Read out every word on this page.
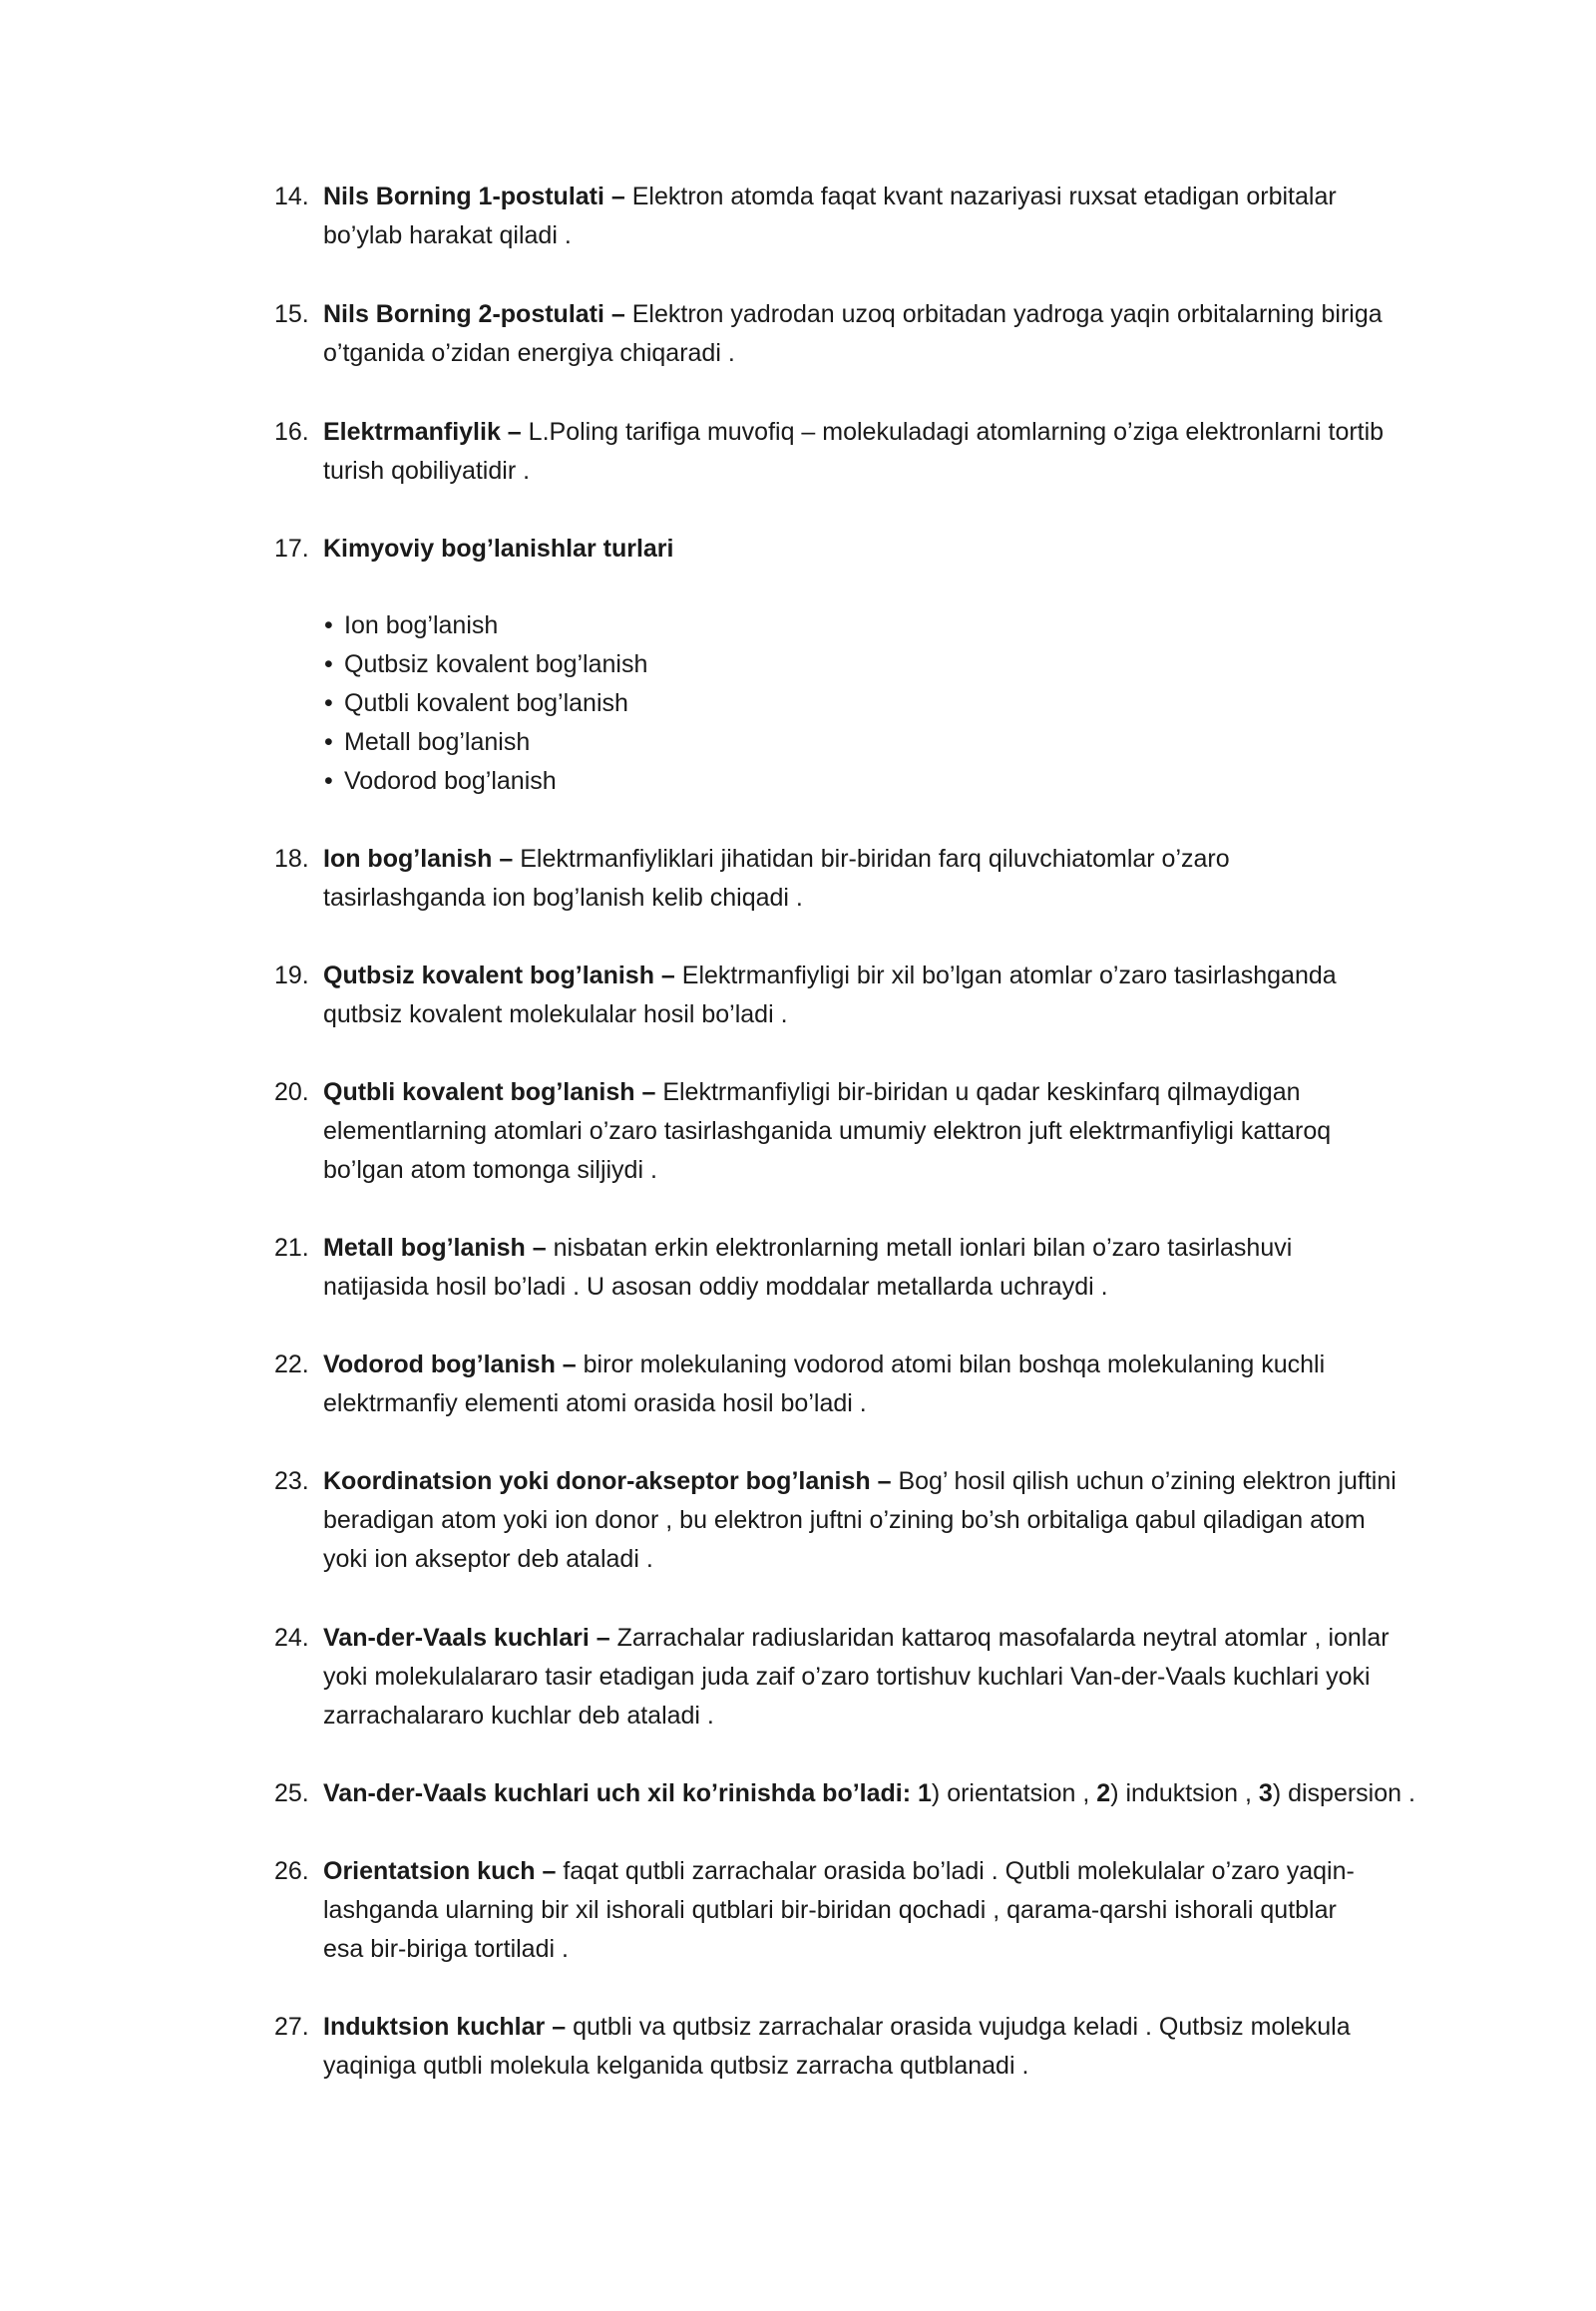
14. Nils Borning 1-postulati – Elektron atomda faqat kvant nazariyasi ruxsat etadigan orbitalar
bo’ylab harakat qiladi .
15. Nils Borning 2-postulati – Elektron yadrodan uzoq orbitadan yadroga yaqin orbitalarning biriga
o’tganida o’zidan energiya chiqaradi .
16. Elektrmanfiylik – L.Poling tarifiga muvofiq – molekuladagi atomlarning o’ziga elektronlarni tortib
turish qobiliyatidir .
17. Kimyoviy bog’lanishlar turlari
• Ion bog’lanish
• Qutbsiz kovalent bog’lanish
• Qutbli kovalent bog’lanish
• Metall bog’lanish
• Vodorod bog’lanish
18. Ion bog’lanish – Elektrmanfiyliklari jihatidan bir-biridan farq qiluvchiatomlar o’zaro
tasirlashganda ion bog’lanish kelib chiqadi .
19. Qutbsiz kovalent bog’lanish – Elektrmanfiyligi bir xil bo’lgan atomlar o’zaro tasirlashganda
qutbsiz kovalent molekulalar hosil bo’ladi .
20. Qutbli kovalent bog’lanish – Elektrmanfiyligi bir-biridan u qadar keskinfarq qilmaydigan
elementlarning atomlari o’zaro tasirlashganida umumiy elektron juft elektrmanfiyligi kattaroq
bo’lgan atom tomonga siljiydi .
21. Metall bog’lanish – nisbatan erkin elektronlarning metall ionlari bilan o’zaro tasirlashuvi
natijasida hosil bo’ladi . U asosan oddiy moddalar metallarda uchraydi .
22. Vodorod bog’lanish – biror molekulaning vodorod atomi bilan boshqa molekulaning kuchli
elektrmanfiy elementi atomi orasida hosil bo’ladi .
23. Koordinatsion yoki donor-akseptor bog’lanish – Bog’ hosil qilish uchun o’zining elektron juftini
beradigan atom yoki ion donor , bu elektron juftni o’zining bo’sh orbitaliga qabul qiladigan atom
yoki ion akseptor deb ataladi .
24. Van-der-Vaals kuchlari – Zarrachalar radiuslaridan kattaroq masofalarda neytral atomlar , ionlar
yoki molekulalararo tasir etadigan juda zaif o’zaro tortishuv kuchlari Van-der-Vaals kuchlari yoki
zarrachalararo kuchlar deb ataladi .
25. Van-der-Vaals kuchlari uch xil ko’rinishda bo’ladi: 1) orientatsion , 2) induktsion , 3) dispersion .
26. Orientatsion kuch – faqat qutbli zarrachalar orasida bo’ladi . Qutbli molekulalar o’zaro yaqin-
lashganda ularning bir xil ishorali qutblari bir-biridan qochadi , qarama-qarshi ishorali qutblar
esa bir-biriga tortiladi .
27. Induktsion kuchlar – qutbli va qutbsiz zarrachalar orasida vujudga keladi . Qutbsiz molekula
yaqiniga qutbli molekula kelganida qutbsiz zarracha qutblanadi .
